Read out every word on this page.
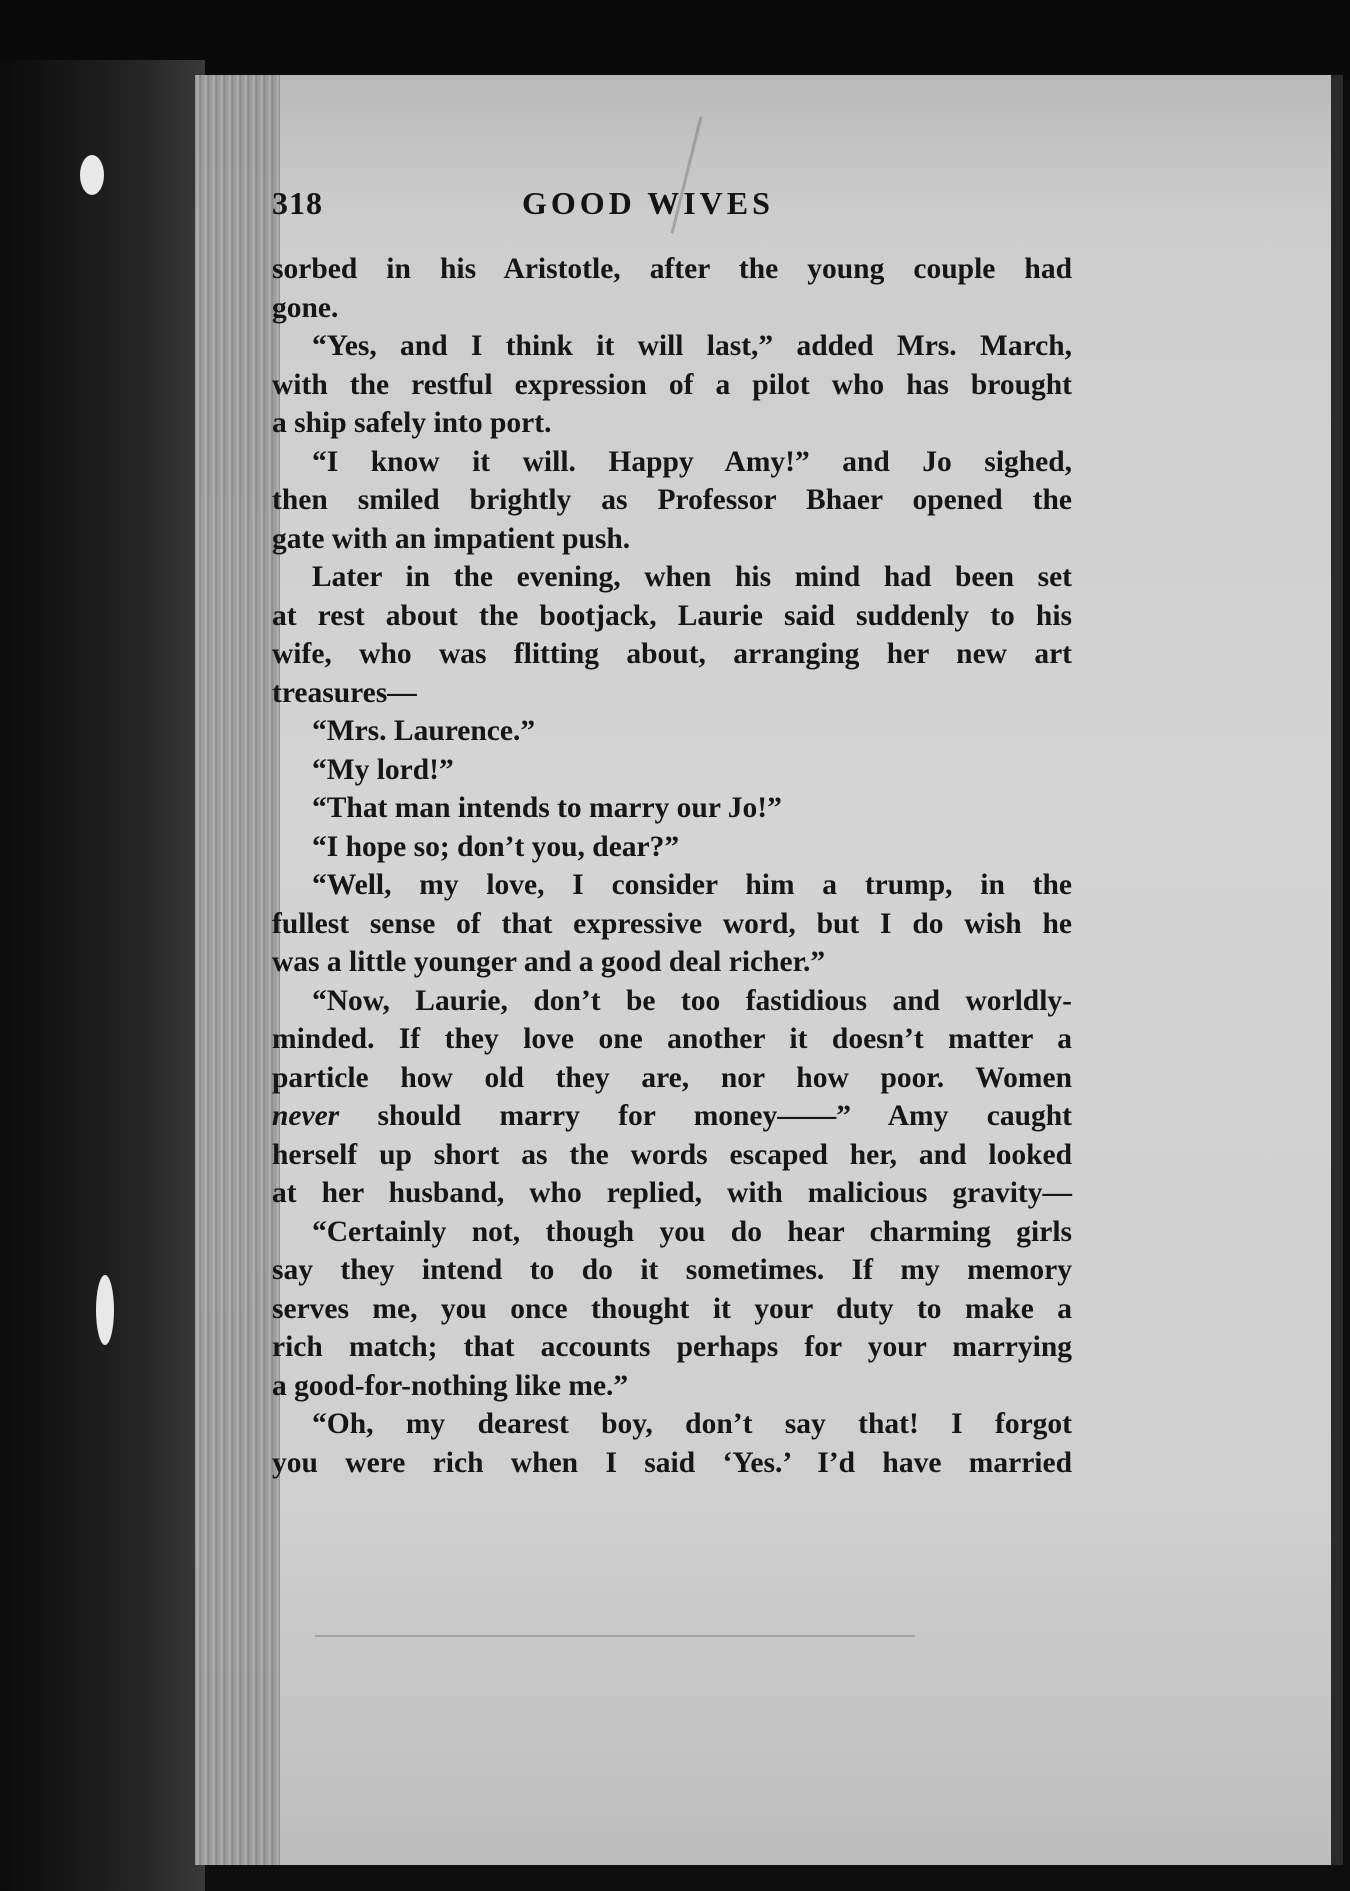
318	GOOD WIVES
sorbed in his Aristotle, after the young couple had
gone.
“Yes, and I think it will last,” added Mrs. March,
with the restful expression of a pilot who has brought
a ship safely into port.
“I know it will. Happy Amy!” and Jo sighed,
then smiled brightly as Professor Bhaer opened the
gate with an impatient push.
Later in the evening, when his mind had been set
at rest about the bootjack, Laurie said suddenly to his
wife, who was flitting about, arranging her new art
treasures—
“Mrs. Laurence.”
“My lord!”
“That man intends to marry our Jo!”
“I hope so; don’t you, dear?”
“Well, my love, I consider him a trump, in the
fullest sense of that expressive word, but I do wish he
was a little younger and a good deal richer.”
“Now, Laurie, don’t be too fastidious and worldly-
minded. If they love one another it doesn’t matter a
particle how old they are, nor how poor. Women
never should marry for money——” Amy caught
herself up short as the words escaped her, and looked
at her husband, who replied, with malicious gravity—
“Certainly not, though you do hear charming girls
say they intend to do it sometimes. If my memory
serves me, you once thought it your duty to make a
rich match; that accounts perhaps for your marrying
a good-for-nothing like me.”
“Oh, my dearest boy, don’t say that! I forgot
you were rich when I said ‘Yes.’ I’d have married
